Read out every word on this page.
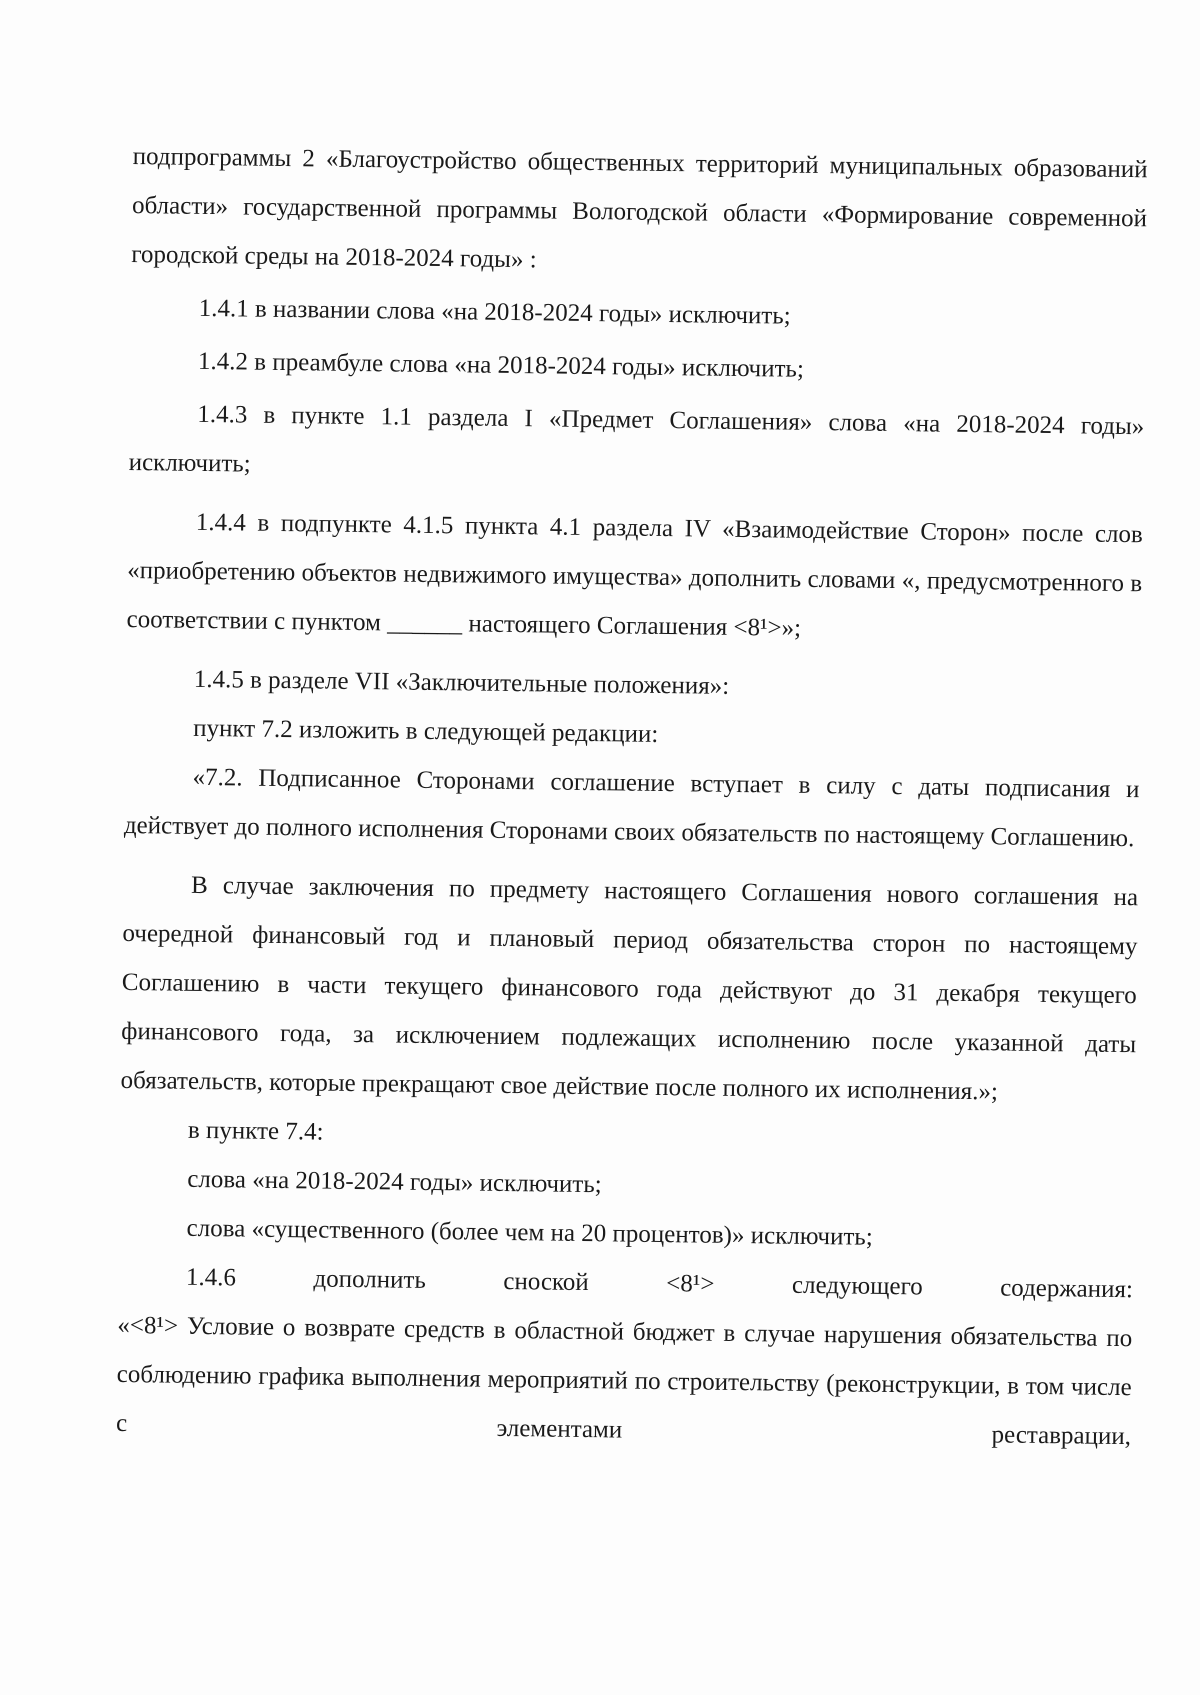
подпрограммы 2 «Благоустройство общественных территорий муниципальных образований области» государственной программы Вологодской области «Формирование современной городской среды на 2018-2024 годы» :

1.4.1 в названии слова «на 2018-2024 годы» исключить;

1.4.2 в преамбуле слова «на 2018-2024 годы» исключить;

1.4.3 в пункте 1.1 раздела I «Предмет Соглашения» слова «на 2018-2024 годы» исключить;

1.4.4 в подпункте 4.1.5 пункта 4.1 раздела IV «Взаимодействие Сторон» после слов «приобретению объектов недвижимого имущества» дополнить словами «, предусмотренного в соответствии с пунктом ______ настоящего Соглашения <8¹>»;

1.4.5 в разделе VII «Заключительные положения»:

пункт 7.2 изложить в следующей редакции:

«7.2. Подписанное Сторонами соглашение вступает в силу с даты подписания и действует до полного исполнения Сторонами своих обязательств по настоящему Соглашению.

В случае заключения по предмету настоящего Соглашения нового соглашения на очередной финансовый год и плановый период обязательства сторон по настоящему Соглашению в части текущего финансового года действуют до 31 декабря текущего финансового года, за исключением подлежащих исполнению после указанной даты обязательств, которые прекращают свое действие после полного их исполнения.»;

в пункте 7.4:

слова «на 2018-2024 годы» исключить;

слова «существенного (более чем на 20 процентов)» исключить;

1.4.6 дополнить сноской <8¹> следующего содержания:

«<8¹> Условие о возврате средств в областной бюджет в случае нарушения обязательства по соблюдению графика выполнения мероприятий по строительству (реконструкции, в том числе с элементами реставрации,
